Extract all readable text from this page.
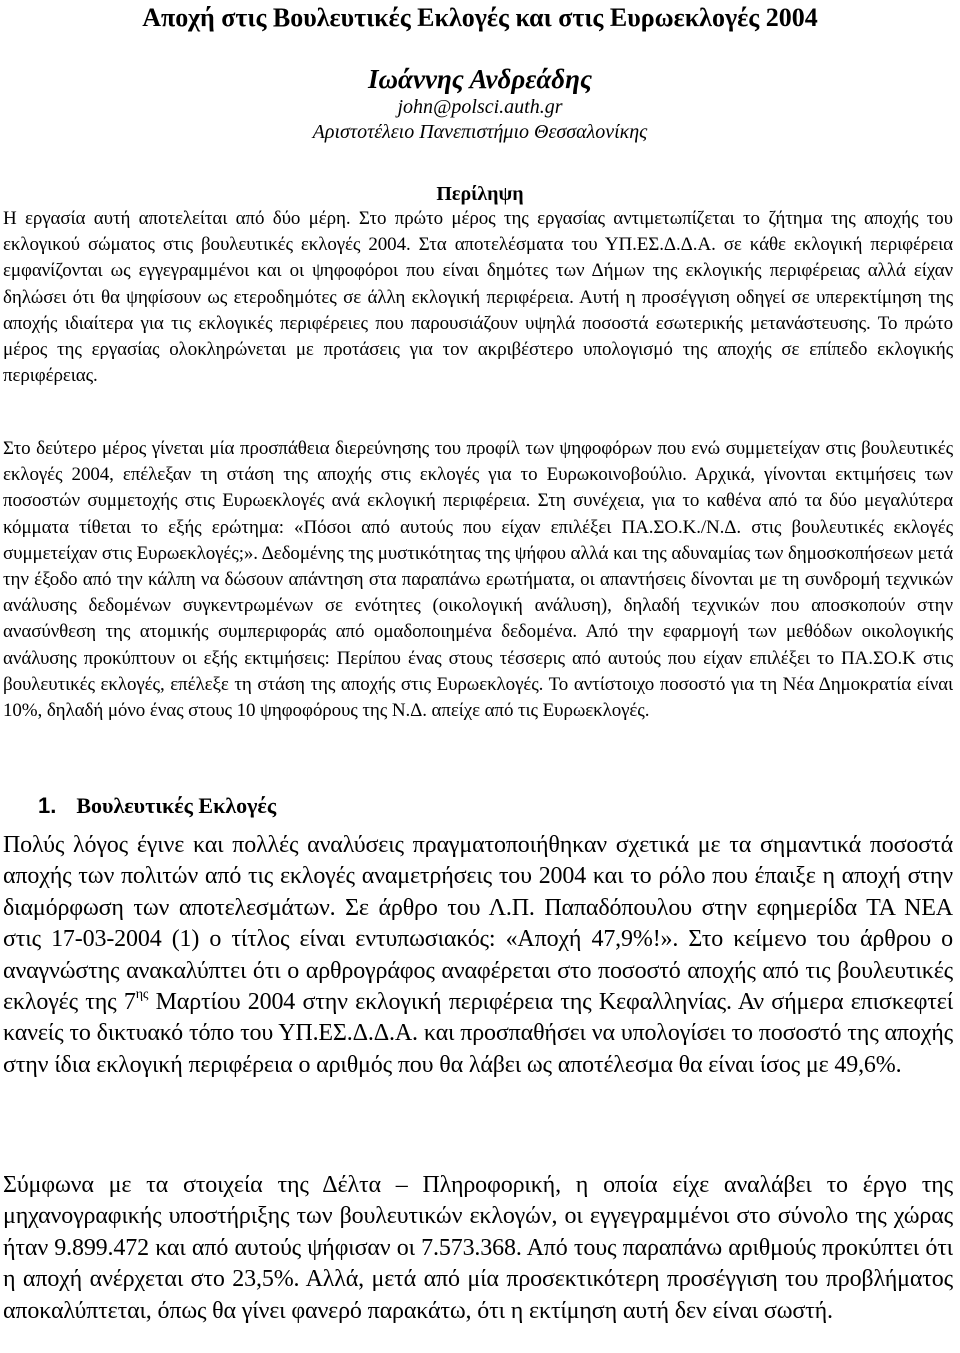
Αποχή στις Βουλευτικές Εκλογές και στις Ευρωεκλογές 2004
Ιωάννης Ανδρεάδης
john@polsci.auth.gr
Αριστοτέλειο Πανεπιστήμιο Θεσσαλονίκης
Περίληψη

Η εργασία αυτή αποτελείται από δύο μέρη. Στο πρώτο μέρος της εργασίας αντιμετωπίζεται το ζήτημα της αποχής του εκλογικού σώματος στις βουλευτικές εκλογές 2004. Στα αποτελέσματα του ΥΠ.ΕΣ.Δ.Δ.Α. σε κάθε εκλογική περιφέρεια εμφανίζονται ως εγγεγραμμένοι και οι ψηφοφόροι που είναι δημότες των Δήμων της εκλογικής περιφέρειας αλλά είχαν δηλώσει ότι θα ψηφίσουν ως ετεροδημότες σε άλλη εκλογική περιφέρεια. Αυτή η προσέγγιση οδηγεί σε υπερεκτίμηση της αποχής ιδιαίτερα για τις εκλογικές περιφέρειες που παρουσιάζουν υψηλά ποσοστά εσωτερικής μετανάστευσης. Το πρώτο μέρος της εργασίας ολοκληρώνεται με προτάσεις για τον ακριβέστερο υπολογισμό της αποχής σε επίπεδο εκλογικής περιφέρειας.

Στο δεύτερο μέρος γίνεται μία προσπάθεια διερεύνησης του προφίλ των ψηφοφόρων που ενώ συμμετείχαν στις βουλευτικές εκλογές 2004, επέλεξαν τη στάση της αποχής στις εκλογές για το Ευρωκοινοβούλιο. Αρχικά, γίνονται εκτιμήσεις των ποσοστών συμμετοχής στις Ευρωεκλογές ανά εκλογική περιφέρεια. Στη συνέχεια, για το καθένα από τα δύο μεγαλύτερα κόμματα τίθεται το εξής ερώτημα: «Πόσοι από αυτούς που είχαν επιλέξει ΠΑ.ΣΟ.Κ./Ν.Δ. στις βουλευτικές εκλογές συμμετείχαν στις Ευρωεκλογές;». Δεδομένης της μυστικότητας της ψήφου αλλά και της αδυναμίας των δημοσκοπήσεων μετά την έξοδο από την κάλπη να δώσουν απάντηση στα παραπάνω ερωτήματα, οι απαντήσεις δίνονται με τη συνδρομή τεχνικών ανάλυσης δεδομένων συγκεντρωμένων σε ενότητες (οικολογική ανάλυση), δηλαδή τεχνικών που αποσκοπούν στην ανασύνθεση της ατομικής συμπεριφοράς από ομαδοποιημένα δεδομένα. Από την εφαρμογή των μεθόδων οικολογικής ανάλυσης προκύπτουν οι εξής εκτιμήσεις: Περίπου ένας στους τέσσερις από αυτούς που είχαν επιλέξει το ΠΑ.ΣΟ.Κ στις βουλευτικές εκλογές, επέλεξε τη στάση της αποχής στις Ευρωεκλογές. Το αντίστοιχο ποσοστό για τη Νέα Δημοκρατία είναι 10%, δηλαδή μόνο ένας στους 10 ψηφοφόρους της Ν.Δ. απείχε από τις Ευρωεκλογές.

1. Βουλευτικές Εκλογές

Πολύς λόγος έγινε και πολλές αναλύσεις πραγματοποιήθηκαν σχετικά με τα σημαντικά ποσοστά αποχής των πολιτών από τις εκλογές αναμετρήσεις του 2004 και το ρόλο που έπαιξε η αποχή στην διαμόρφωση των αποτελεσμάτων. Σε άρθρο του Λ.Π. Παπαδόπουλου στην εφημερίδα ΤΑ ΝΕΑ στις 17-03-2004 (1) ο τίτλος είναι εντυπωσιακός: «Αποχή 47,9%!». Στο κείμενο του άρθρου ο αναγνώστης ανακαλύπτει ότι ο αρθρογράφος αναφέρεται στο ποσοστό αποχής από τις βουλευτικές εκλογές της $7^{\eta\varsigma}$ Μαρτίου 2004 στην εκλογική περιφέρεια της Κεφαλληνίας. Αν σήμερα επισκεφτεί κανείς το δικτυακό τόπο του ΥΠ.ΕΣ.Δ.Δ.Α. και προσπαθήσει να υπολογίσει το ποσοστό της αποχής στην ίδια εκλογική περιφέρεια ο αριθμός που θα λάβει ως αποτέλεσμα θα είναι ίσος με 49,6%.

Σύμφωνα με τα στοιχεία της Δέλτα – Πληροφορική, η οποία είχε αναλάβει το έργο της μηχανογραφικής υποστήριξης των βουλευτικών εκλογών, οι εγγεγραμμένοι στο σύνολο της χώρας ήταν 9.899.472 και από αυτούς ψήφισαν οι 7.573.368. Από τους παραπάνω αριθμούς προκύπτει ότι η αποχή ανέρχεται στο 23,5%. Αλλά, μετά από μία προσεκτικότερη προσέγγιση του προβλήματος αποκαλύπτεται, όπως θα γίνει φανερό παρακάτω, ότι η εκτίμηση αυτή δεν είναι σωστή.
